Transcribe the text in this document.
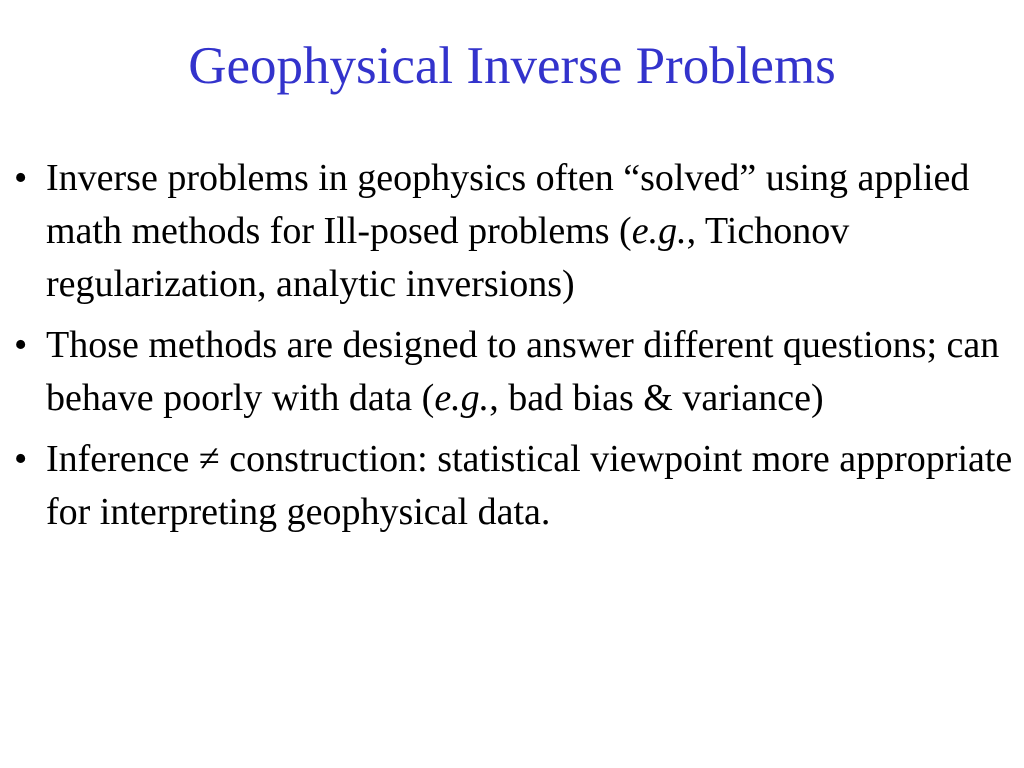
Geophysical Inverse Problems
• Inverse problems in geophysics often “solved” using applied math methods for Ill-posed problems (e.g., Tichonov regularization, analytic inversions)
• Those methods are designed to answer different questions; can behave poorly with data (e.g., bad bias & variance)
• Inference ≠ construction: statistical viewpoint more appropriate for interpreting geophysical data.
